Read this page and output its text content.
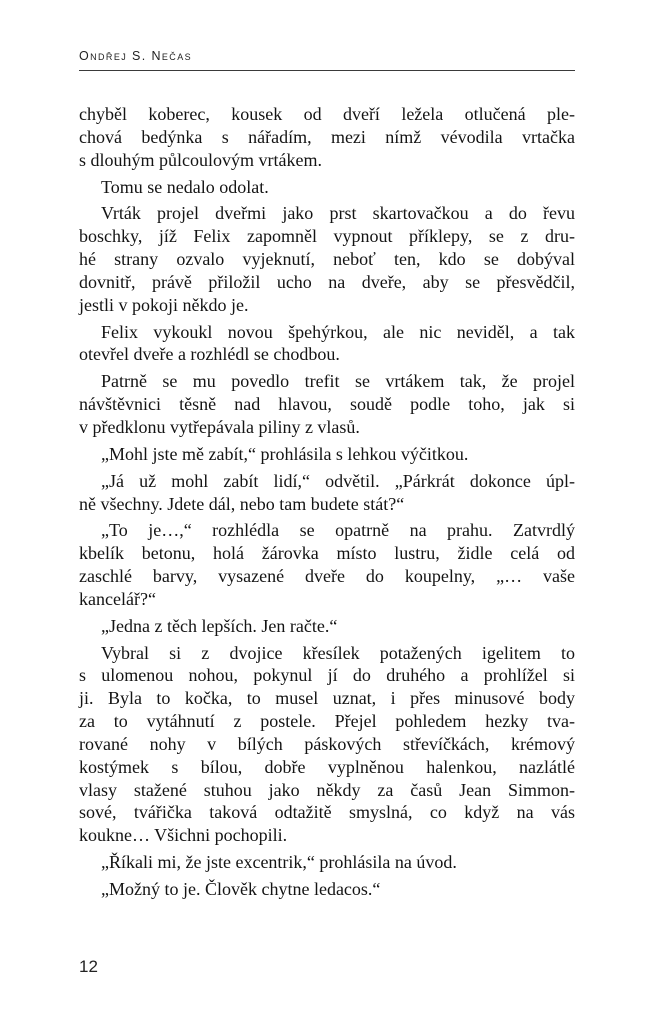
Ondřej S. Nečas
chyběl koberec, kousek od dveří ležela otlučená ple-
chová bedýnka s nářadím, mezi nímž vévodila vrtačka
s dlouhým půlcoulovým vrtákem.
Tomu se nedalo odolat.
Vrták projel dveřmi jako prst skartovačkou a do řevu
boschky, jíž Felix zapomněl vypnout příklepy, se z dru-
hé strany ozvalo vyjeknutí, neboť ten, kdo se dobýval
dovnitř, právě přiložil ucho na dveře, aby se přesvědčil,
jestli v pokoji někdo je.
Felix vykoukl novou špehýrkou, ale nic neviděl, a tak
otevřel dveře a rozhlédl se chodbou.
Patrně se mu povedlo trefit se vrtákem tak, že projel
návštěvnici těsně nad hlavou, soudě podle toho, jak si
v předklonu vytřepávala piliny z vlasů.
„Mohl jste mě zabít,“ prohlásila s lehkou výčitkou.
„Já už mohl zabít lidí,“ odvětil. „Párkrát dokonce úpl-
ně všechny. Jdete dál, nebo tam budete stát?“
„To je…,“ rozhlédla se opatrně na prahu. Zatvrdlý
kbelík betonu, holá žárovka místo lustru, židle celá od
zaschlé barvy, vysazené dveře do koupelny, „… vaše
kancelář?“
„Jedna z těch lepších. Jen račte.“
Vybral si z dvojice křesílek potažených igelitem to
s ulomenou nohou, pokynul jí do druhého a prohlížel si
ji. Byla to kočka, to musel uznat, i přes minusové body
za to vytáhnutí z postele. Přejel pohledem hezky tva-
rované nohy v bílých páskových střevíčkách, krémový
kostýmek s bílou, dobře vyplněnou halenkou, nazlátlé
vlasy stažené stuhou jako někdy za časů Jean Simmon-
sové, tvářička taková odtažitě smyslná, co když na vás
koukne… Všichni pochopili.
„Říkali mi, že jste excentrik,“ prohlásila na úvod.
„Možný to je. Člověk chytne ledacos.“
12
